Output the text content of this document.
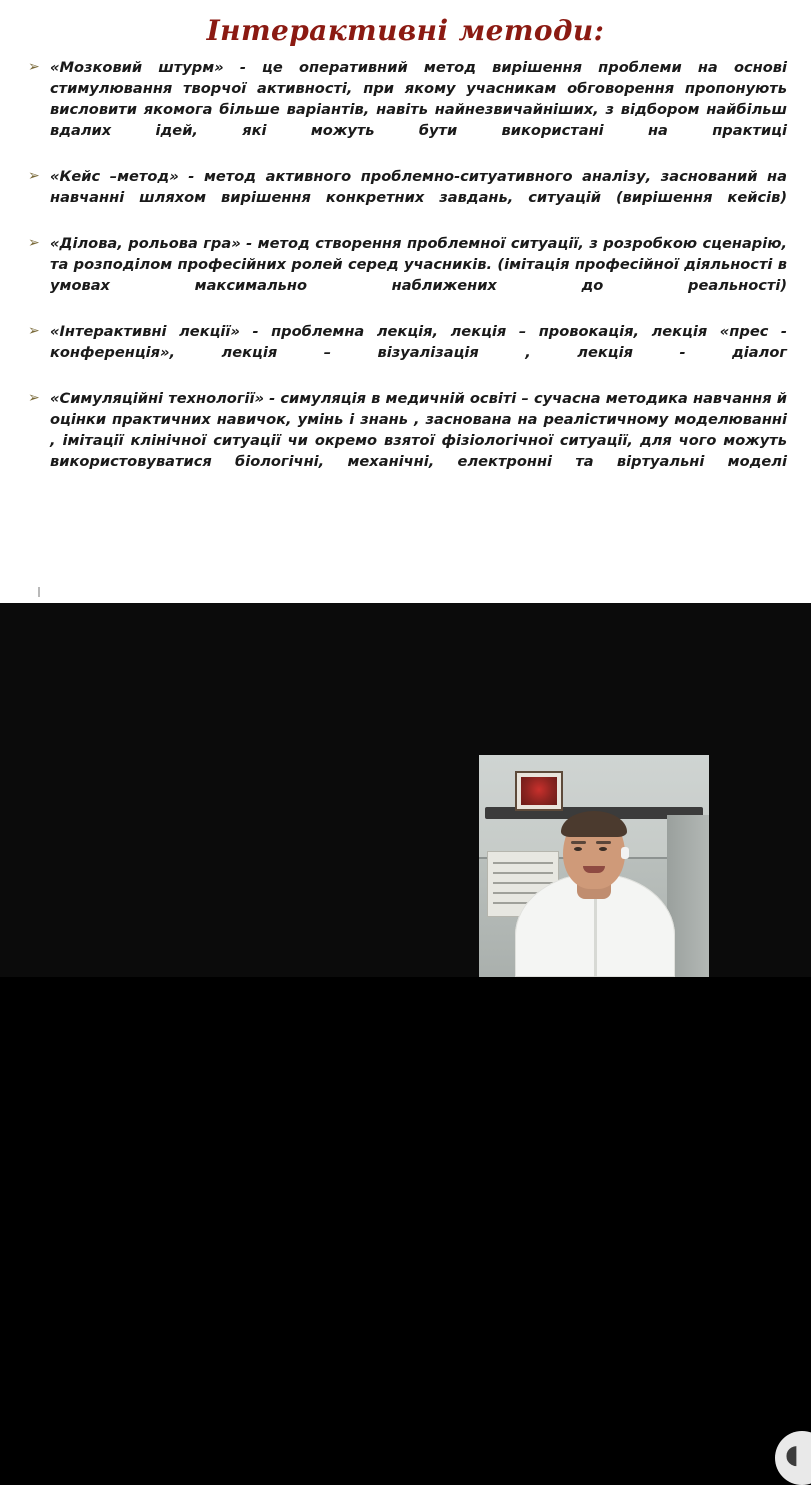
Інтерактивні методи:
➢ «Мозковий штурм» - це оперативний метод вирішення проблеми на основі стимулювання творчої активності, при якому учасникам обговорення пропонують висловити якомога більше варіантів, навіть найнезвичайніших, з відбором найбільш вдалих ідей, які можуть бути використані на практиці
➢ «Кейс –метод» - метод активного проблемно-ситуативного аналізу, заснований на навчанні шляхом вирішення конкретних завдань, ситуацій (вирішення кейсів)
➢ «Ділова, рольова гра» - метод створення проблемної ситуації, з розробкою сценарію, та розподілом професійних ролей серед учасників. (імітація професійної діяльності в умовах максимально наближених до реальності)
➢ «Інтерактивні лекції» - проблемна лекція, лекція – провокація, лекція «прес - конференція», лекція – візуалізація , лекція - діалог
➢ «Симуляційні технології» - симуляція в медичній освіті – сучасна методика навчання й оцінки практичних навичок, умінь і знань , заснована на реалістичному моделюванні , імітації клінічної ситуації чи окремо взятої фізіологічної ситуації, для чого можуть використовуватися біологічні, механічні, електронні та віртуальні моделі
◖
